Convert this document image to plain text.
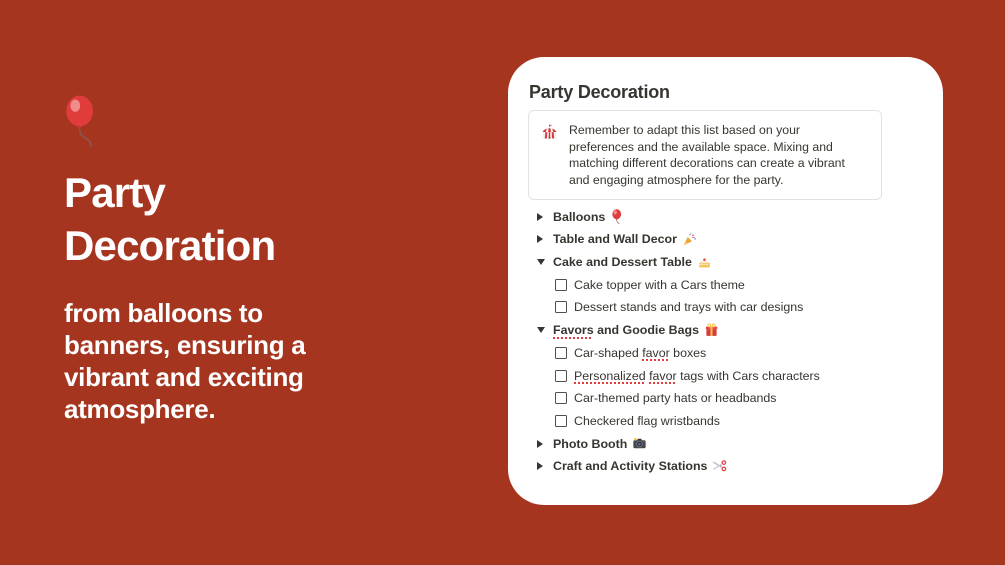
Party
Decoration

from balloons to
banners, ensuring a
vibrant and exciting
atmosphere.

Party Decoration
Remember to adapt this list based on your preferences and the available space. Mixing and matching different decorations can create a vibrant and engaging atmosphere for the party.
Balloons
Table and Wall Decor
Cake and Dessert Table
Cake topper with a Cars theme
Dessert stands and trays with car designs
Favors and Goodie Bags
Car-shaped favor boxes
Personalized favor tags with Cars characters
Car-themed party hats or headbands
Checkered flag wristbands
Photo Booth
Craft and Activity Stations
